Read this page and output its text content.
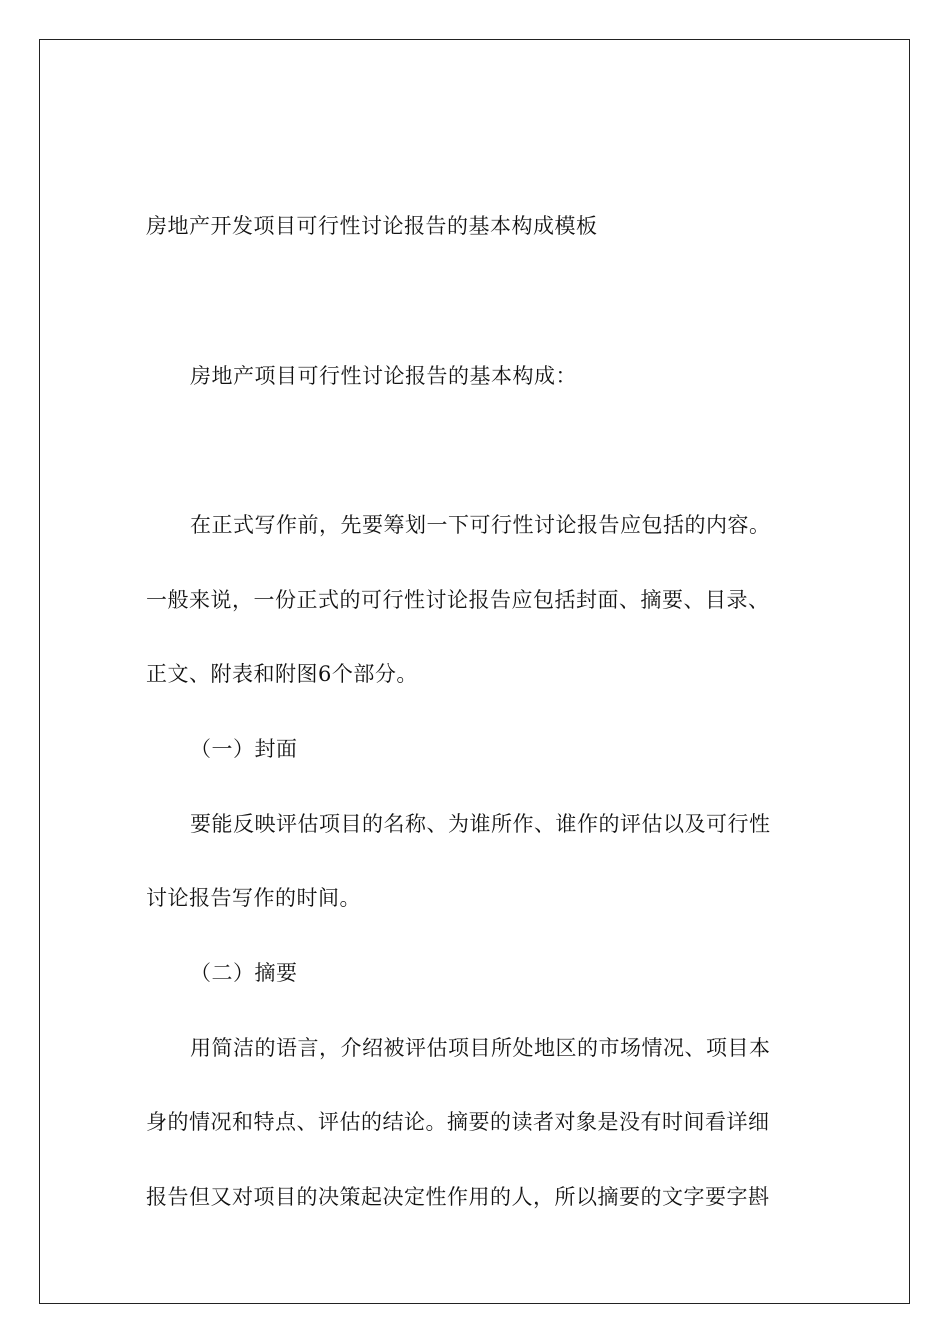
房地产开发项目可行性讨论报告的基本构成模板
房地产项目可行性讨论报告的基本构成：
在正式写作前，先要筹划一下可行性讨论报告应包括的内容。
一般来说，一份正式的可行性讨论报告应包括封面、摘要、目录、
正文、附表和附图6个部分。
（一）封面
要能反映评估项目的名称、为谁所作、谁作的评估以及可行性
讨论报告写作的时间。
（二）摘要
用简洁的语言，介绍被评估项目所处地区的市场情况、项目本
身的情况和特点、评估的结论。摘要的读者对象是没有时间看详细
报告但又对项目的决策起决定性作用的人，所以摘要的文字要字斟
